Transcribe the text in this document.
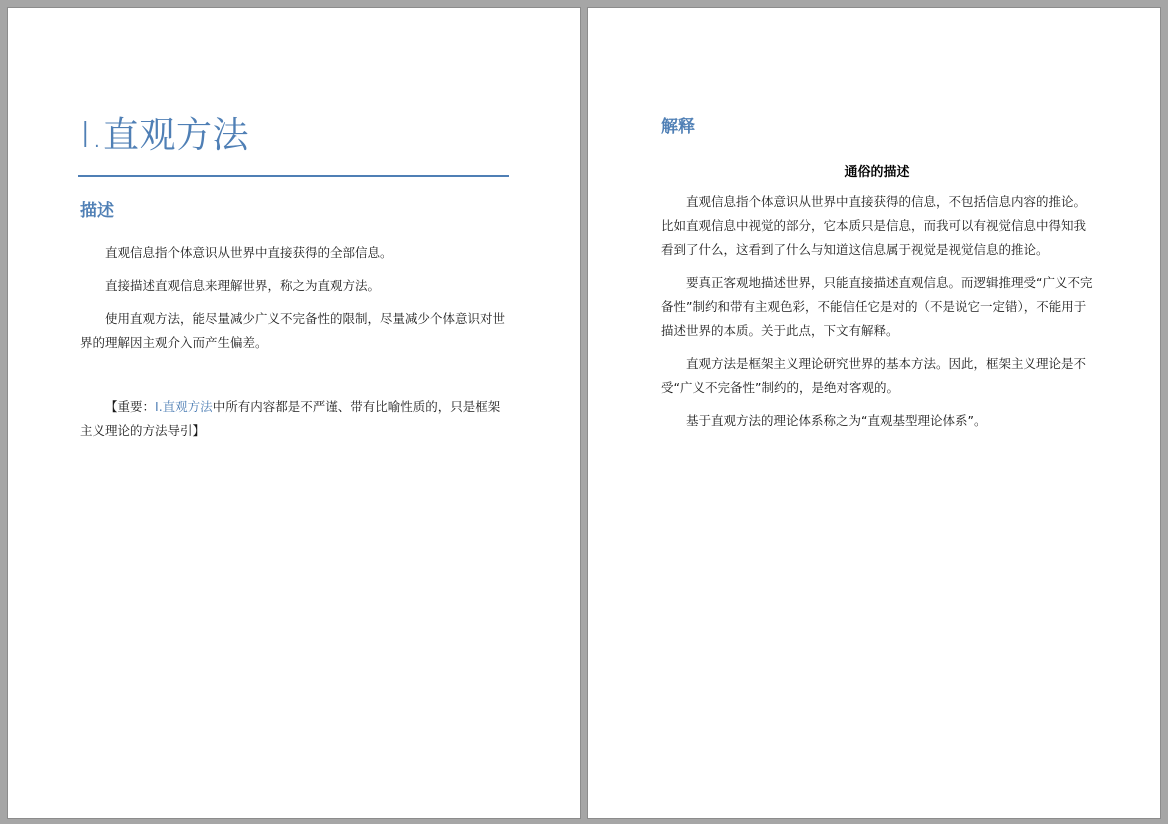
I.直观方法
描述

直观信息指个体意识从世界中直接获得的全部信息。

直接描述直观信息来理解世界，称之为直观方法。

使用直观方法，能尽量减少广义不完备性的限制，尽量减少个体意识对世界的理解因主观介入而产生偏差。

【重要：I.直观方法中所有内容都是不严谨、带有比喻性质的，只是框架主义理论的方法导引】

解释

通俗的描述

直观信息指个体意识从世界中直接获得的信息，不包括信息内容的推论。比如直观信息中视觉的部分，它本质只是信息，而我可以有视觉信息中得知我看到了什么，这看到了什么与知道这信息属于视觉是视觉信息的推论。

要真正客观地描述世界，只能直接描述直观信息。而逻辑推理受“广义不完备性”制约和带有主观色彩，不能信任它是对的（不是说它一定错），不能用于描述世界的本质。关于此点，下文有解释。

直观方法是框架主义理论研究世界的基本方法。因此，框架主义理论是不受“广义不完备性”制约的，是绝对客观的。

基于直观方法的理论体系称之为“直观基型理论体系”。
